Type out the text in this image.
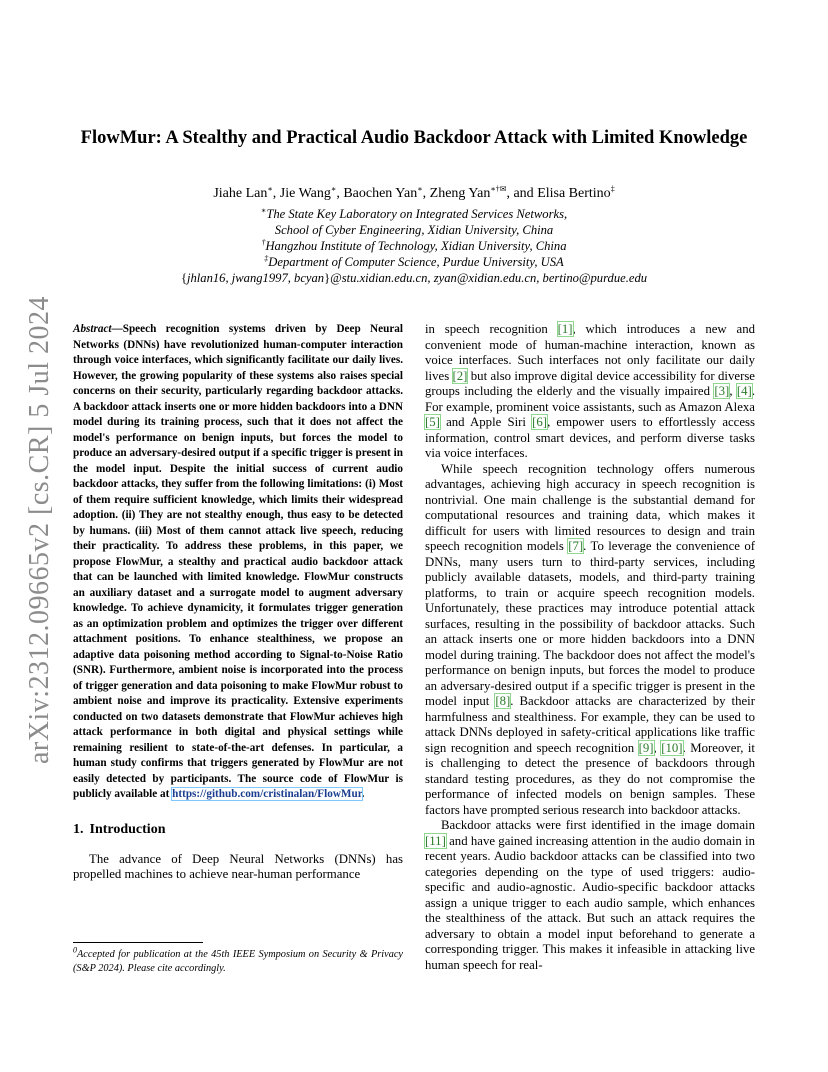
arXiv:2312.09665v2 [cs.CR] 5 Jul 2024
FlowMur: A Stealthy and Practical Audio Backdoor Attack with Limited Knowledge
Jiahe Lan∗, Jie Wang∗, Baochen Yan∗, Zheng Yan∗†✉, and Elisa Bertino‡
∗The State Key Laboratory on Integrated Services Networks,
School of Cyber Engineering, Xidian University, China
†Hangzhou Institute of Technology, Xidian University, China
‡Department of Computer Science, Purdue University, USA
{jhlan16, jwang1997, bcyan}@stu.xidian.edu.cn, zyan@xidian.edu.cn, bertino@purdue.edu

Abstract—Speech recognition systems driven by Deep Neural Networks (DNNs) have revolutionized human-computer interaction through voice interfaces, which significantly facilitate our daily lives. However, the growing popularity of these systems also raises special concerns on their security, particularly regarding backdoor attacks. A backdoor attack inserts one or more hidden backdoors into a DNN model during its training process, such that it does not affect the model's performance on benign inputs, but forces the model to produce an adversary-desired output if a specific trigger is present in the model input. Despite the initial success of current audio backdoor attacks, they suffer from the following limitations: (i) Most of them require sufficient knowledge, which limits their widespread adoption. (ii) They are not stealthy enough, thus easy to be detected by humans. (iii) Most of them cannot attack live speech, reducing their practicality. To address these problems, in this paper, we propose FlowMur, a stealthy and practical audio backdoor attack that can be launched with limited knowledge. FlowMur constructs an auxiliary dataset and a surrogate model to augment adversary knowledge. To achieve dynamicity, it formulates trigger generation as an optimization problem and optimizes the trigger over different attachment positions. To enhance stealthiness, we propose an adaptive data poisoning method according to Signal-to-Noise Ratio (SNR). Furthermore, ambient noise is incorporated into the process of trigger generation and data poisoning to make FlowMur robust to ambient noise and improve its practicality. Extensive experiments conducted on two datasets demonstrate that FlowMur achieves high attack performance in both digital and physical settings while remaining resilient to state-of-the-art defenses. In particular, a human study confirms that triggers generated by FlowMur are not easily detected by participants. The source code of FlowMur is publicly available at https://github.com/cristinalan/FlowMur.

1. Introduction

The advance of Deep Neural Networks (DNNs) has propelled machines to achieve near-human performance

$^0$Accepted for publication at the 45th IEEE Symposium on Security & Privacy (S&P 2024). Please cite accordingly.

in speech recognition [1], which introduces a new and convenient mode of human-machine interaction, known as voice interfaces. Such interfaces not only facilitate our daily lives [2] but also improve digital device accessibility for diverse groups including the elderly and the visually impaired [3], [4]. For example, prominent voice assistants, such as Amazon Alexa [5] and Apple Siri [6], empower users to effortlessly access information, control smart devices, and perform diverse tasks via voice interfaces.

While speech recognition technology offers numerous advantages, achieving high accuracy in speech recognition is nontrivial. One main challenge is the substantial demand for computational resources and training data, which makes it difficult for users with limited resources to design and train speech recognition models [7]. To leverage the convenience of DNNs, many users turn to third-party services, including publicly available datasets, models, and third-party training platforms, to train or acquire speech recognition models. Unfortunately, these practices may introduce potential attack surfaces, resulting in the possibility of backdoor attacks. Such an attack inserts one or more hidden backdoors into a DNN model during training. The backdoor does not affect the model's performance on benign inputs, but forces the model to produce an adversary-desired output if a specific trigger is present in the model input [8]. Backdoor attacks are characterized by their harmfulness and stealthiness. For example, they can be used to attack DNNs deployed in safety-critical applications like traffic sign recognition and speech recognition [9], [10]. Moreover, it is challenging to detect the presence of backdoors through standard testing procedures, as they do not compromise the performance of infected models on benign samples. These factors have prompted serious research into backdoor attacks.

Backdoor attacks were first identified in the image domain [11] and have gained increasing attention in the audio domain in recent years. Audio backdoor attacks can be classified into two categories depending on the type of used triggers: audio-specific and audio-agnostic. Audio-specific backdoor attacks assign a unique trigger to each audio sample, which enhances the stealthiness of the attack. But such an attack requires the adversary to obtain a model input beforehand to generate a corresponding trigger. This makes it infeasible in attacking live human speech for real-
